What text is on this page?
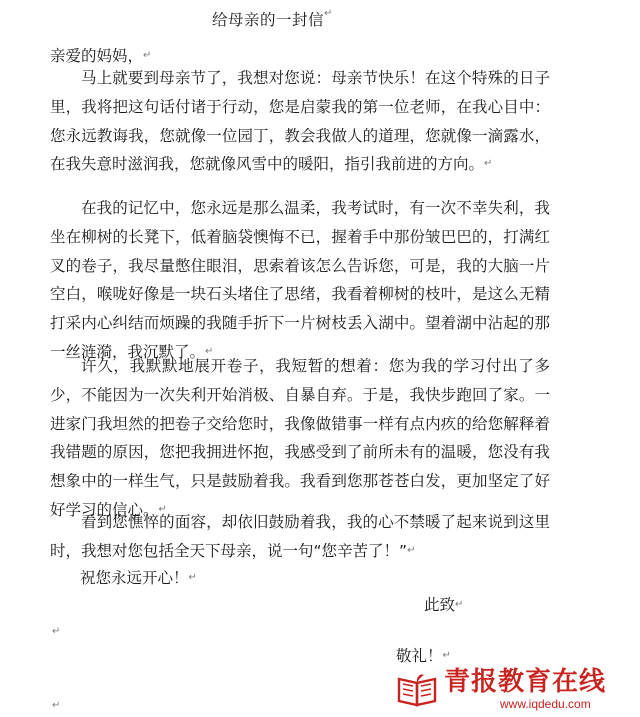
给母亲的一封信↵
亲爱的妈妈，↵

马上就要到母亲节了，我想对您说：母亲节快乐！在这个特殊的日子里，我将把这句话付诸于行动，您是启蒙我的第一位老师，在我心目中：您永远教诲我，您就像一位园丁，教会我做人的道理，您就像一滴露水，在我失意时滋润我，您就像风雪中的暖阳，指引我前进的方向。↵

在我的记忆中，您永远是那么温柔，我考试时，有一次不幸失利，我坐在柳树的长凳下，低着脑袋懊悔不已，握着手中那份皱巴巴的，打满红叉的卷子，我尽量憋住眼泪，思索着该怎么告诉您，可是，我的大脑一片空白，喉咙好像是一块石头堵住了思绪，我看着柳树的枝叶，是这么无精打采内心纠结而烦躁的我随手折下一片树枝丢入湖中。望着湖中沾起的那一丝涟漪，我沉默了。↵

许久，我默默地展开卷子，我短暂的想着：您为我的学习付出了多少，不能因为一次失利开始消极、自暴自弃。于是，我快步跑回了家。一进家门我坦然的把卷子交给您时，我像做错事一样有点内疚的给您解释着我错题的原因，您把我拥进怀抱，我感受到了前所未有的温暖，您没有我想象中的一样生气，只是鼓励着我。我看到您那苍苍白发，更加坚定了好好学习的信心。↵

看到您憔悴的面容，却依旧鼓励着我，我的心不禁暖了起来说到这里时，我想对您包括全天下母亲，说一句“您辛苦了！”↵

祝您永远开心！↵
此致↵
↵
敬礼！↵
↵
青报教育在线
www.iqdedu.com
